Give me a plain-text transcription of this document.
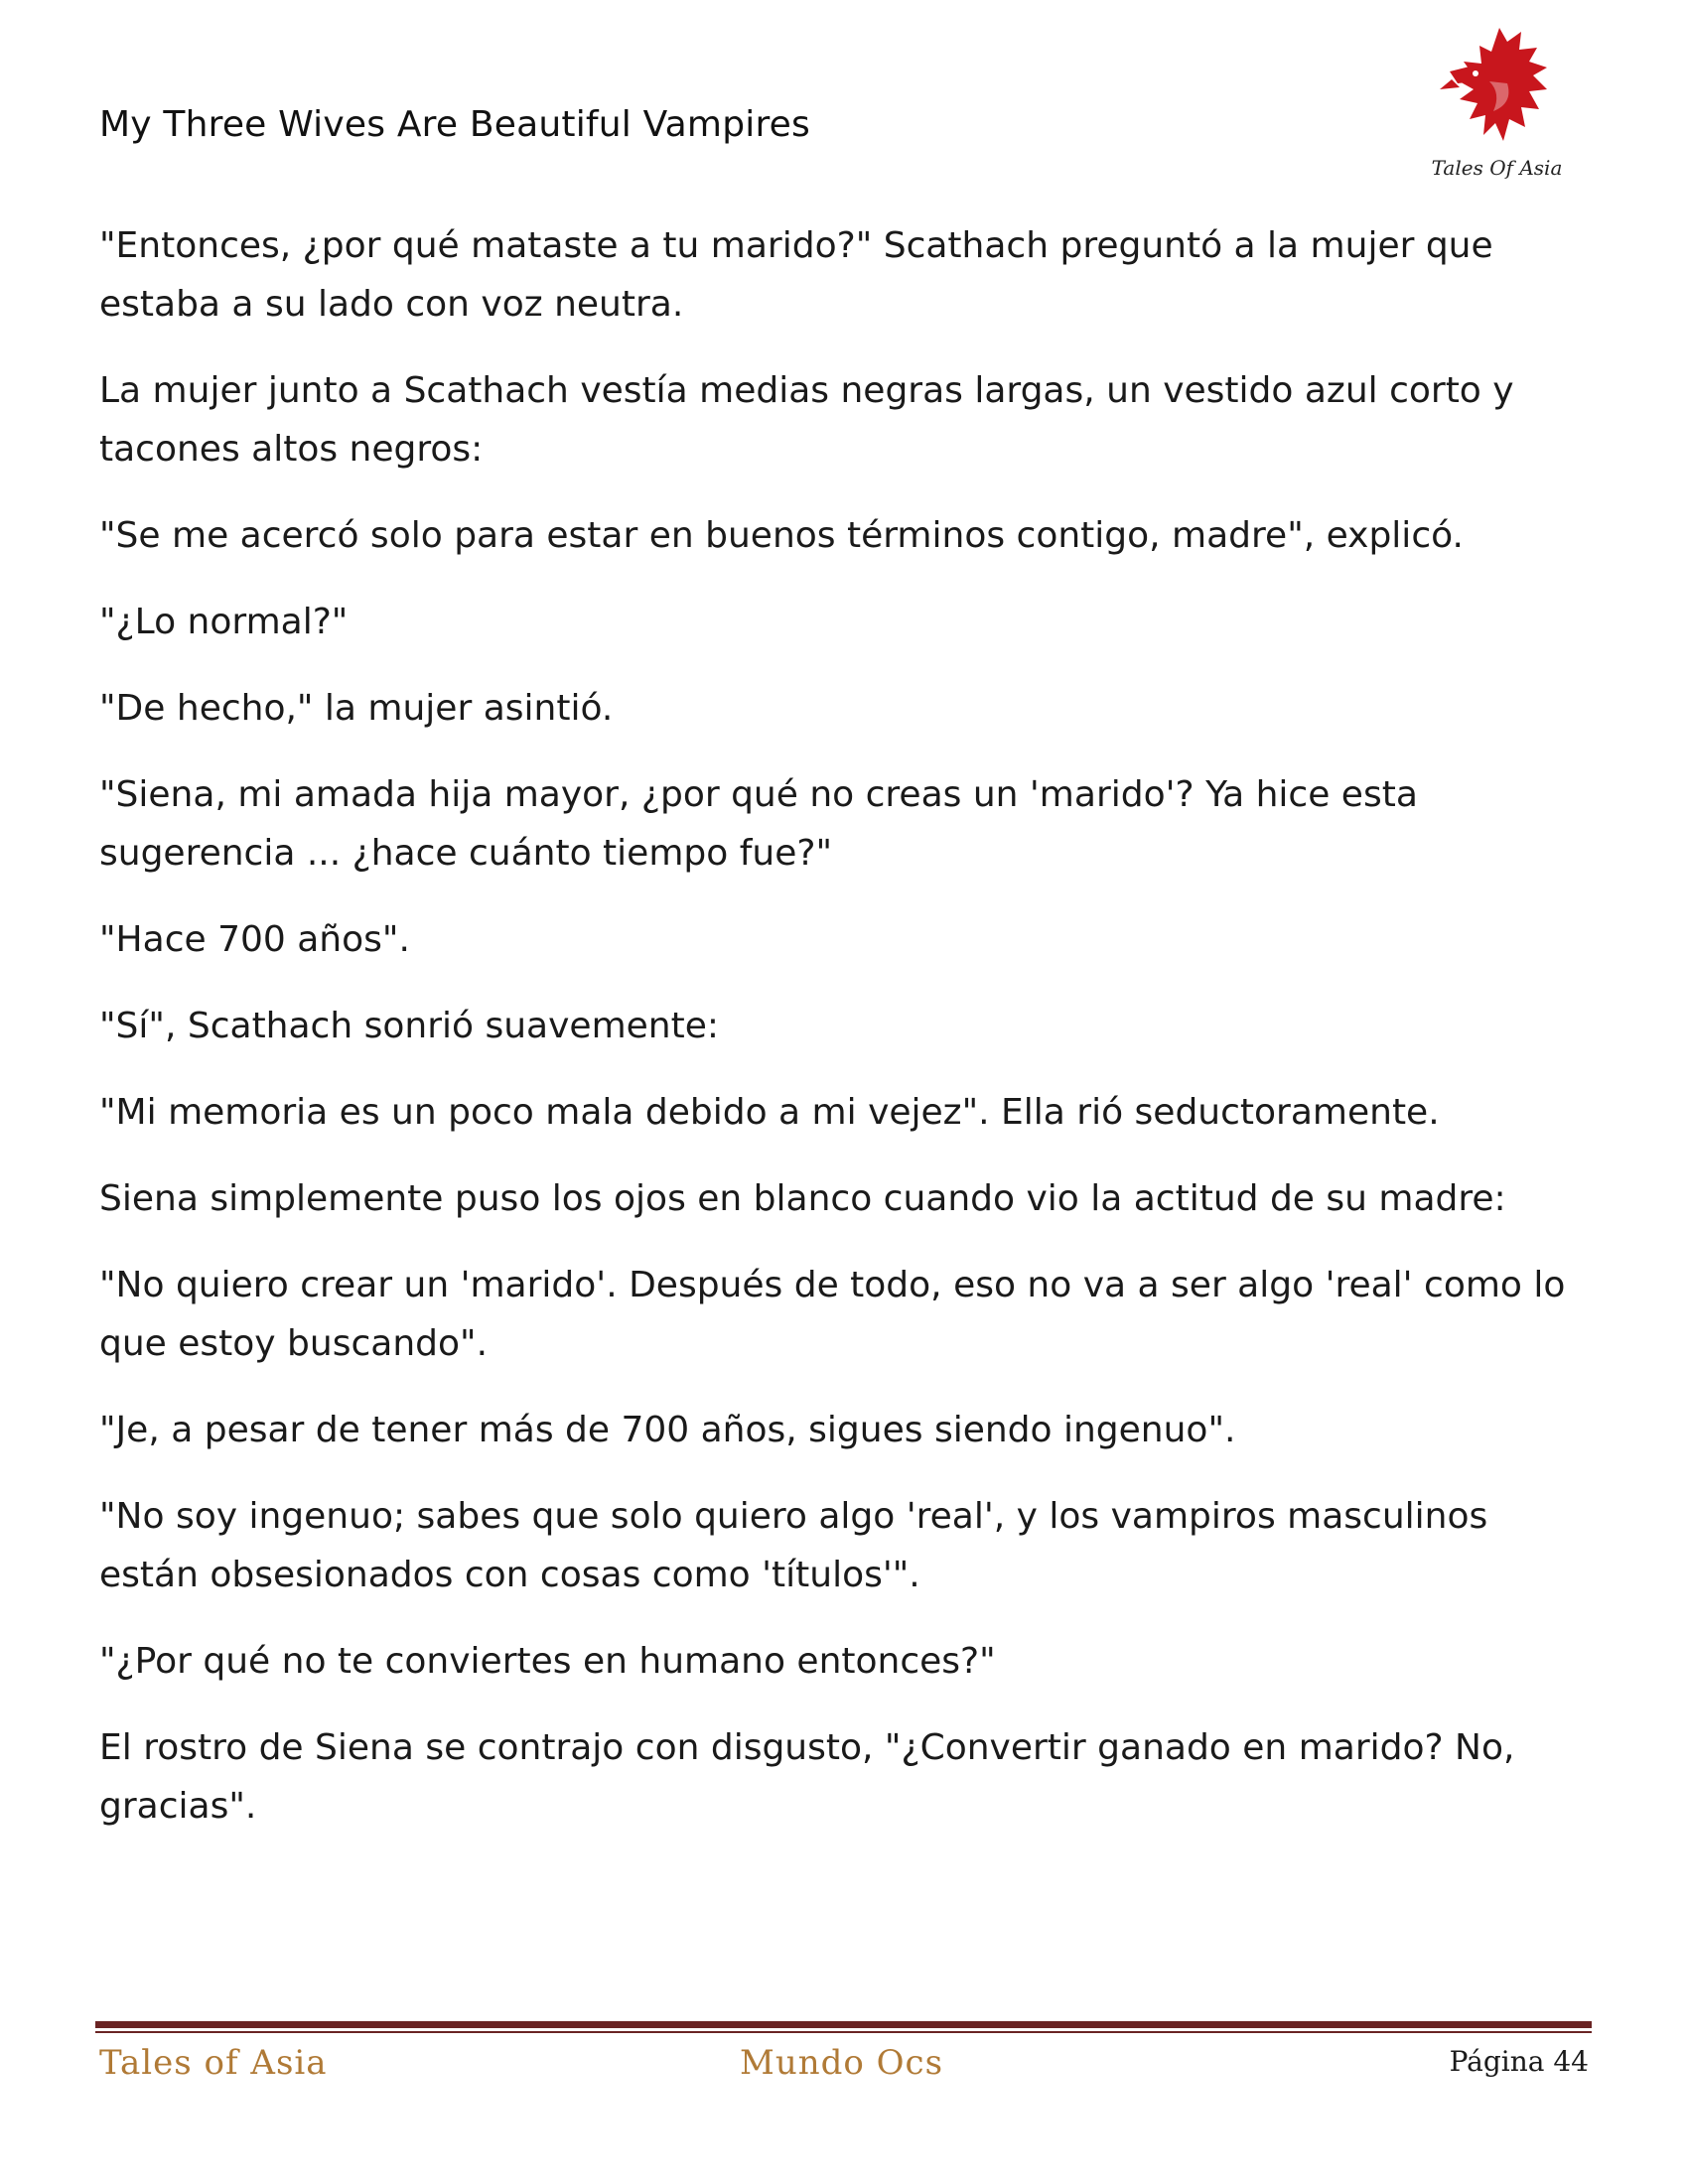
My Three Wives Are Beautiful Vampires
Tales Of Asia

"Entonces, ¿por qué mataste a tu marido?" Scathach preguntó a la mujer que estaba a su lado con voz neutra.

La mujer junto a Scathach vestía medias negras largas, un vestido azul corto y tacones altos negros:

"Se me acercó solo para estar en buenos términos contigo, madre", explicó.

"¿Lo normal?"

"De hecho," la mujer asintió.

"Siena, mi amada hija mayor, ¿por qué no creas un 'marido'? Ya hice esta sugerencia ... ¿hace cuánto tiempo fue?"

"Hace 700 años".

"Sí", Scathach sonrió suavemente:

"Mi memoria es un poco mala debido a mi vejez". Ella rió seductoramente.

Siena simplemente puso los ojos en blanco cuando vio la actitud de su madre:

"No quiero crear un 'marido'. Después de todo, eso no va a ser algo 'real' como lo que estoy buscando".

"Je, a pesar de tener más de 700 años, sigues siendo ingenuo".

"No soy ingenuo; sabes que solo quiero algo 'real', y los vampiros masculinos están obsesionados con cosas como 'títulos'".

"¿Por qué no te conviertes en humano entonces?"

El rostro de Siena se contrajo con disgusto, "¿Convertir ganado en marido? No, gracias".

Tales of Asia	Mundo Ocs	Página 44
